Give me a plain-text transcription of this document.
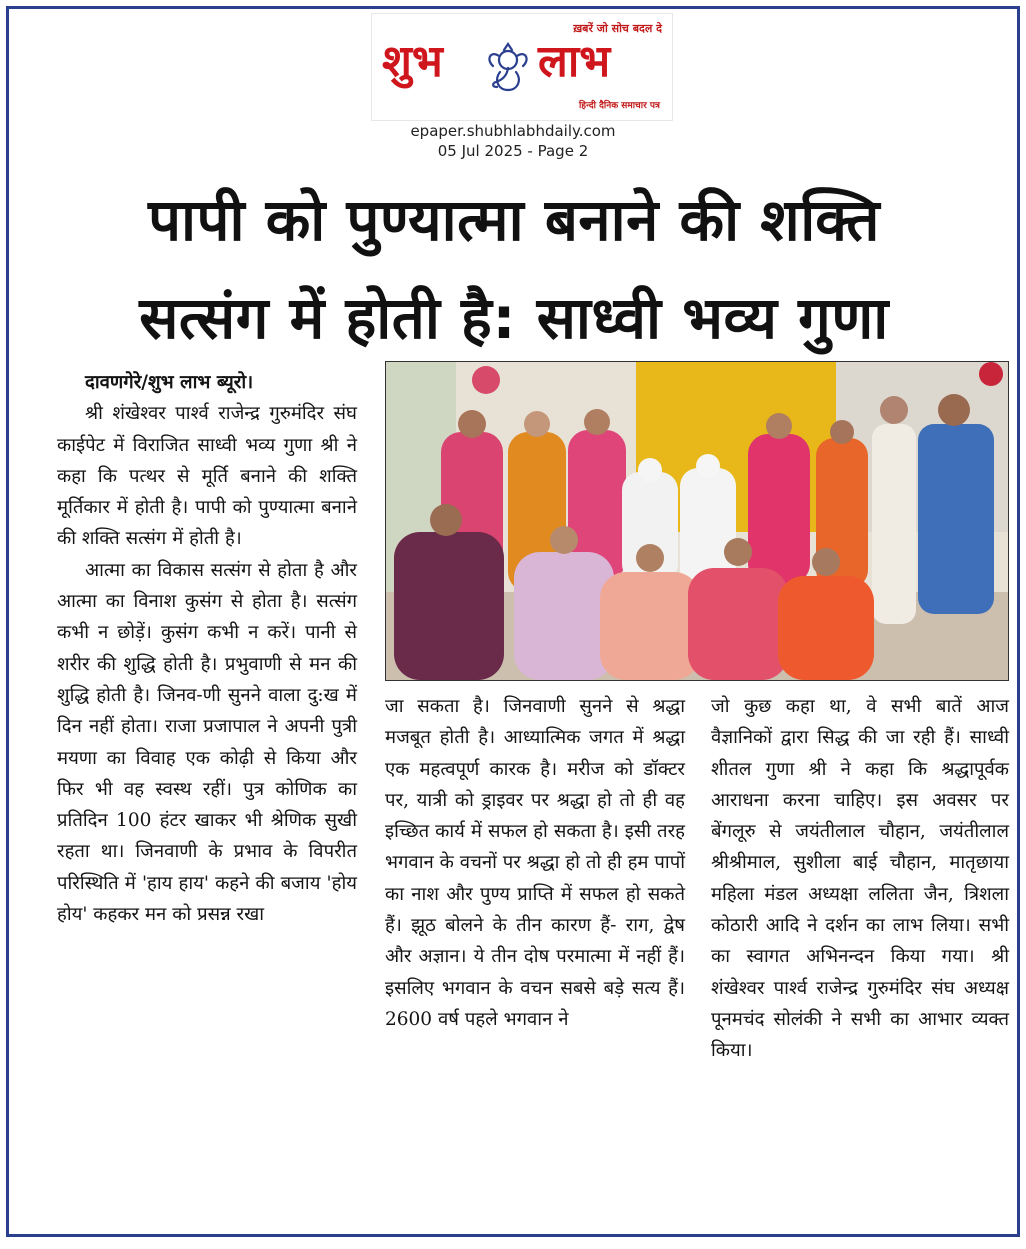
ख़बरें जो सोच बदल दे
शुभ लाभ
हिन्दी दैनिक समाचार पत्र
epaper.shubhlabhdaily.com
05 Jul 2025 - Page 2
पापी को पुण्यात्मा बनाने की शक्ति
सत्संग में होती है: साध्वी भव्य गुणा
दावणगेरे/शुभ लाभ ब्यूरो।

श्री शंखेश्वर पार्श्व राजेन्द्र गुरुमंदिर संघ काईपेट में विराजित साध्वी भव्य गुणा श्री ने कहा कि पत्थर से मूर्ति बनाने की शक्ति मूर्तिकार में होती है। पापी को पुण्यात्मा बनाने की शक्ति सत्संग में होती है।

आत्मा का विकास सत्संग से होता है और आत्मा का विनाश कुसंग से होता है। सत्संग कभी न छोड़ें। कुसंग कभी न करें। पानी से शरीर की शुद्धि होती है। प्रभुवाणी से मन की शुद्धि होती है। जिनव-णी सुनने वाला दु:ख में दिन नहीं होता। राजा प्रजापाल ने अपनी पुत्री मयणा का विवाह एक कोढ़ी से किया और फिर भी वह स्वस्थ रहीं। पुत्र कोणिक का प्रतिदिन 100 हंटर खाकर भी श्रेणिक सुखी रहता था। जिनवाणी के प्रभाव के विपरीत परिस्थिति में 'हाय हाय' कहने की बजाय 'होय होय' कहकर मन को प्रसन्न रखा

जा सकता है। जिनवाणी सुनने से श्रद्धा मजबूत होती है। आध्यात्मिक जगत में श्रद्धा एक महत्वपूर्ण कारक है। मरीज को डॉक्टर पर, यात्री को ड्राइवर पर श्रद्धा हो तो ही वह इच्छित कार्य में सफल हो सकता है। इसी तरह भगवान के वचनों पर श्रद्धा हो तो ही हम पापों का नाश और पुण्य प्राप्ति में सफल हो सकते हैं। झूठ बोलने के तीन कारण हैं- राग, द्वेष और अज्ञान। ये तीन दोष परमात्मा में नहीं हैं। इसलिए भगवान के वचन सबसे बड़े सत्य हैं। 2600 वर्ष पहले भगवान ने

जो कुछ कहा था, वे सभी बातें आज वैज्ञानिकों द्वारा सिद्ध की जा रही हैं। साध्वी शीतल गुणा श्री ने कहा कि श्रद्धापूर्वक आराधना करना चाहिए। इस अवसर पर बेंगलूरु से जयंतीलाल चौहान, जयंतीलाल श्रीश्रीमाल, सुशीला बाई चौहान, मातृछाया महिला मंडल अध्यक्षा ललिता जैन, त्रिशला कोठारी आदि ने दर्शन का लाभ लिया। सभी का स्वागत अभिनन्दन किया गया। श्री शंखेश्वर पार्श्व राजेन्द्र गुरुमंदिर संघ अध्यक्ष पूनमचंद सोलंकी ने सभी का आभार व्यक्त किया।
